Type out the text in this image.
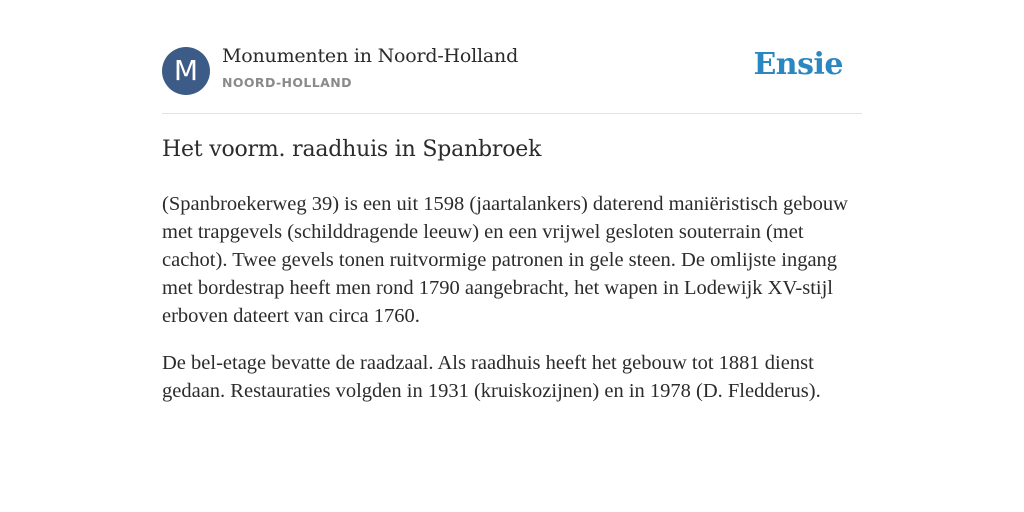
M	Monumenten in Noord-Holland
NOORD-HOLLAND
Ensie
Het voorm. raadhuis in Spanbroek

(Spanbroekerweg 39) is een uit 1598 (jaartalankers) daterend maniëristisch gebouw met trapgevels (schilddragende leeuw) en een vrijwel gesloten souterrain (met cachot). Twee gevels tonen ruitvormige patronen in gele steen. De omlijste ingang met bordestrap heeft men rond 1790 aangebracht, het wapen in Lodewijk XV-stijl erboven dateert van circa 1760.

De bel-etage bevatte de raadzaal. Als raadhuis heeft het gebouw tot 1881 dienst gedaan. Restauraties volgden in 1931 (kruiskozijnen) en in 1978 (D. Fledderus).
